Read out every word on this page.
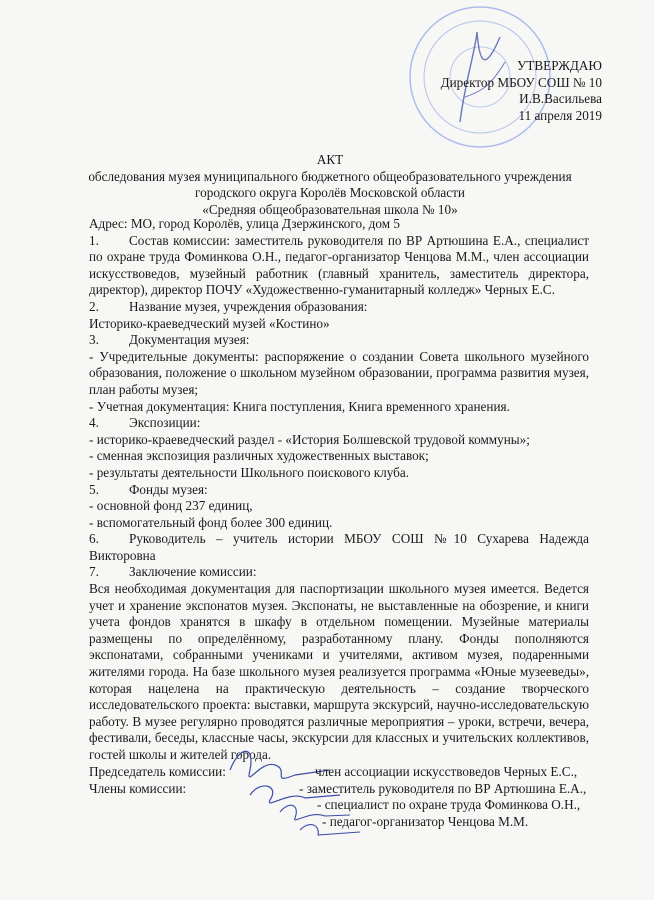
УТВЕРЖДАЮ
Директор МБОУ СОШ № 10
И.В.Васильева
11 апреля 2019
АКТ
обследования музея муниципального бюджетного общеобразовательного учреждения
городского округа Королёв Московской области
«Средняя общеобразовательная школа № 10»
Адрес: МО, город Королёв, улица Дзержинского, дом 5
1. Состав комиссии: заместитель руководителя по ВР Артюшина Е.А., специалист по охране труда Фоминкова О.Н., педагог-организатор Ченцова М.М., член ассоциации искусствоведов, музейный работник (главный хранитель, заместитель директора, директор), директор ПОЧУ «Художественно-гуманитарный колледж» Черных Е.С.
2. Название музея, учреждения образования:
Историко-краеведческий музей «Костино»
3. Документация музея:
- Учредительные документы: распоряжение о создании Совета школьного музейного образования, положение о школьном музейном образовании, программа развития музея, план работы музея;
- Учетная документация: Книга поступления, Книга временного хранения.
4. Экспозиции:
- историко-краеведческий раздел - «История Болшевской трудовой коммуны»;
- сменная экспозиция различных художественных выставок;
- результаты деятельности Школьного поискового клуба.
5. Фонды музея:
- основной фонд 237 единиц,
- вспомогательный фонд более 300 единиц.
6. Руководитель – учитель истории МБОУ СОШ №10 Сухарева Надежда Викторовна
7. Заключение комиссии:
Вся необходимая документация для паспортизации школьного музея имеется. Ведется учет и хранение экспонатов музея. Экспонаты, не выставленные на обозрение, и книги учета фондов хранятся в шкафу в отдельном помещении. Музейные материалы размещены по определённому, разработанному плану. Фонды пополняются экспонатами, собранными учениками и учителями, активом музея, подаренными жителями города. На базе школьного музея реализуется программа «Юные музееведы», которая нацелена на практическую деятельность – создание творческого исследовательского проекта: выставки, маршрута экскурсий, научно-исследовательскую работу. В музее регулярно проводятся различные мероприятия – уроки, встречи, вечера, фестивали, беседы, классные часы, экскурсии для классных и учительских коллективов, гостей школы и жителей города.
Председатель комиссии:	член ассоциации искусствоведов Черных Е.С.,
Члены комиссии:	- заместитель руководителя по ВР Артюшина Е.А.,
- специалист по охране труда Фоминкова О.Н.,
- педагог-организатор Ченцова М.М.
